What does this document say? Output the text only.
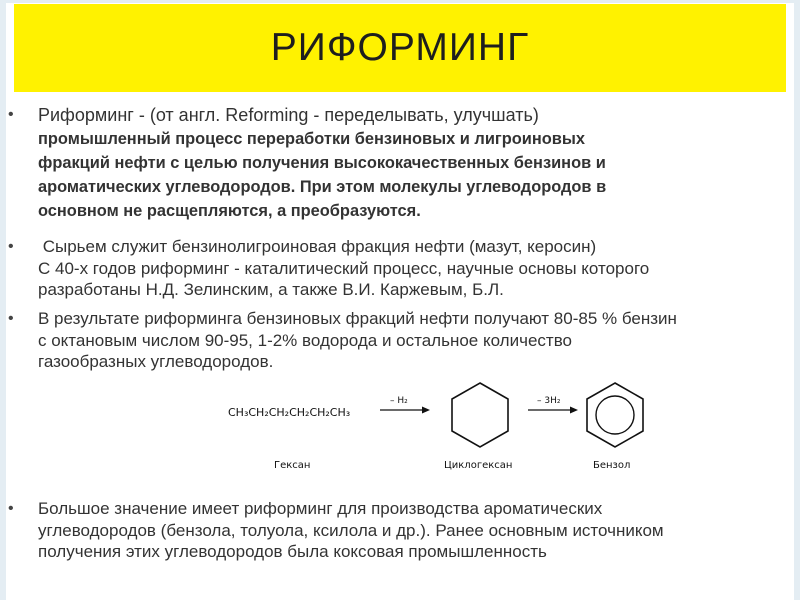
РИФОРМИНГ
• Риформинг - (от англ. Reforming - переделывать, улучшать)
промышленный процесс переработки бензиновых и лигроиновых
фракций нефти с целью получения высококачественных бензинов и
ароматических углеводородов. При этом молекулы углеводородов в
основном не расщепляются, а преобразуются.
• Сырьем служит бензинолигроиновая фракция нефти (мазут, керосин)
С 40-х годов риформинг - каталитический процесс, научные основы которого
разработаны Н.Д. Зелинским, а также В.И. Каржевым, Б.Л.
• В результате риформинга бензиновых фракций нефти получают 80-85 % бензин
с октановым числом 90-95, 1-2% водорода и остальное количество
газообразных углеводородов.
CH₃CH₂CH₂CH₂CH₂CH₃
– H₂	– 3H₂
Гексан	Циклогексан	Бензол
• Большое значение имеет риформинг для производства ароматических
углеводородов (бензола, толуола, ксилола и др.). Ранее основным источником
получения этих углеводородов была коксовая промышленность
